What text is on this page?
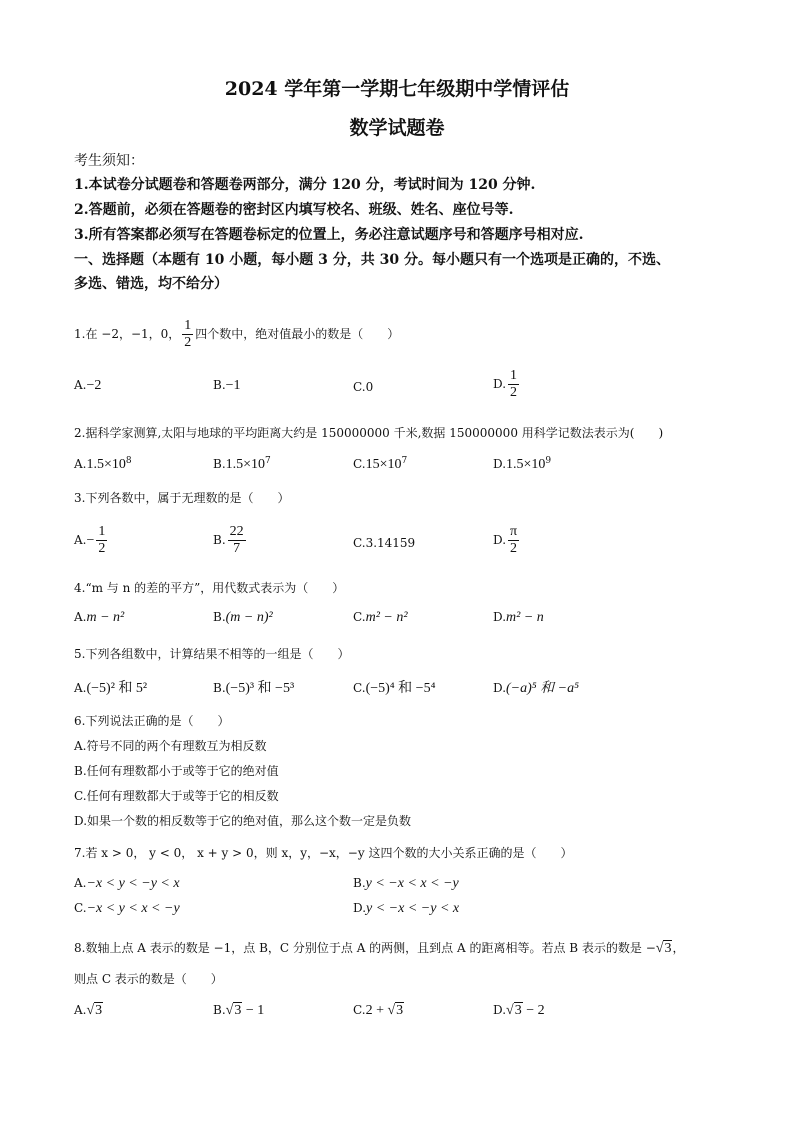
2024 学年第一学期七年级期中学情评估
数学试题卷
考生须知：
1.本试卷分试题卷和答题卷两部分，满分 120 分，考试时间为 120 分钟.
2.答题前，必须在答题卷的密封区内填写校名、班级、姓名、座位号等.
3.所有答案都必须写在答题卷标定的位置上，务必注意试题序号和答题序号相对应.
一、选择题（本题有 10 小题，每小题 3 分，共 30 分。每小题只有一个选项是正确的，不选、
多选、错选，均不给分）
1.在 −2，−1，0， $\frac{1}{2}$ 四个数中，绝对值最小的数是（　　）
A.−2	B.−1	C.0	D. $\frac{1}{2}$
2.据科学家测算,太阳与地球的平均距离大约是 150000000 千米,数据 150000000 用科学记数法表示为(　　)
$A.1.5\times 10^8$	$B.1.5\times 10^7$	$C.15\times 10^7$	$D.1.5\times 10^9$
3.下列各数中，属于无理数的是（　　）
$A.- \frac{1}{2}$	B. $\frac{22}{7}$	C.3.14159	D. $\frac{\pi}{2}$
4.“m 与 n 的差的平方”，用代数式表示为（　　）
A.m − n²	B.(m − n)²	C.m² − n²	D.m² − n
5.下列各组数中，计算结果不相等的一组是（　　）
A.(−5)² 和 5²	B.(−5)³ 和 −5³	C.(−5)⁴ 和 −5⁴	D.(−a)⁵ 和 −a⁵
6.下列说法正确的是（　　）
A.符号不同的两个有理数互为相反数
B.任何有理数都小于或等于它的绝对值
C.任何有理数都大于或等于它的相反数
D.如果一个数的相反数等于它的绝对值，那么这个数一定是负数
7.若 x > 0， y < 0， x + y > 0，则 x，y，−x，−y 这四个数的大小关系正确的是（　　）
A.−x < y < −y < x	B.y < −x < x < −y
C.−x < y < x < −y	D.y < −x < −y < x
8.数轴上点 A 表示的数是 −1，点 B，C 分别位于点 A 的两侧，且到点 A 的距离相等。若点 B 表示的数是 −√3，
则点 C 表示的数是（　　）
A.√3	B.√3 − 1	C.2 + √3	D.√3 − 2
